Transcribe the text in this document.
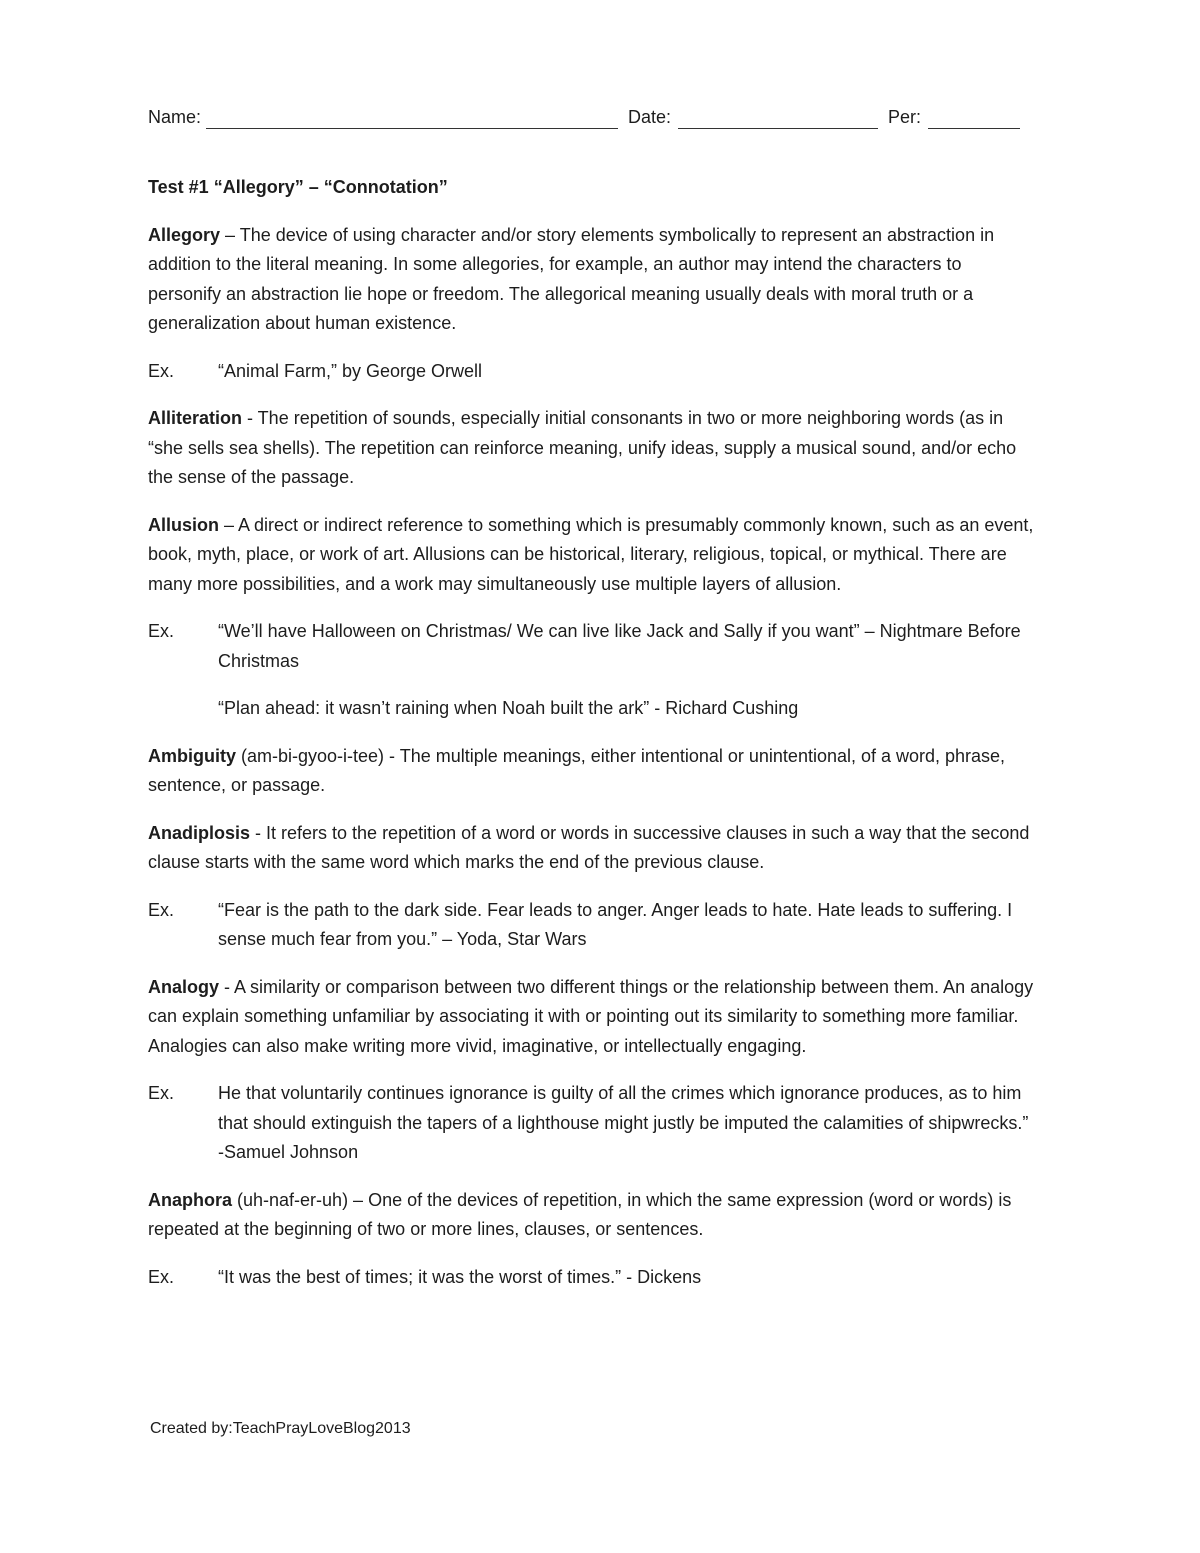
Name:	Date:	Per:

Test #1 “Allegory” – “Connotation”

Allegory – The device of using character and/or story elements symbolically to represent an abstraction in addition to the literal meaning. In some allegories, for example, an author may intend the characters to personify an abstraction lie hope or freedom. The allegorical meaning usually deals with moral truth or a generalization about human existence.

Ex.	“Animal Farm,” by George Orwell

Alliteration - The repetition of sounds, especially initial consonants in two or more neighboring words (as in “she sells sea shells). The repetition can reinforce meaning, unify ideas, supply a musical sound, and/or echo the sense of the passage.

Allusion – A direct or indirect reference to something which is presumably commonly known, such as an event, book, myth, place, or work of art. Allusions can be historical, literary, religious, topical, or mythical. There are many more possibilities, and a work may simultaneously use multiple layers of allusion.

Ex.	“We’ll have Halloween on Christmas/ We can live like Jack and Sally if you want” – Nightmare Before Christmas
“Plan ahead: it wasn’t raining when Noah built the ark” - Richard Cushing

Ambiguity (am-bi-gyoo-i-tee) - The multiple meanings, either intentional or unintentional, of a word, phrase, sentence, or passage.

Anadiplosis - It refers to the repetition of a word or words in successive clauses in such a way that the second clause starts with the same word which marks the end of the previous clause.

Ex.	“Fear is the path to the dark side. Fear leads to anger. Anger leads to hate. Hate leads to suffering. I sense much fear from you.” – Yoda, Star Wars

Analogy - A similarity or comparison between two different things or the relationship between them. An analogy can explain something unfamiliar by associating it with or pointing out its similarity to something more familiar. Analogies can also make writing more vivid, imaginative, or intellectually engaging.

Ex.	He that voluntarily continues ignorance is guilty of all the crimes which ignorance produces, as to him that should extinguish the tapers of a lighthouse might justly be imputed the calamities of shipwrecks.” -Samuel Johnson

Anaphora (uh-naf-er-uh) – One of the devices of repetition, in which the same expression (word or words) is repeated at the beginning of two or more lines, clauses, or sentences.

Ex.	“It was the best of times; it was the worst of times.” - Dickens
Created by:TeachPrayLoveBlog2013
